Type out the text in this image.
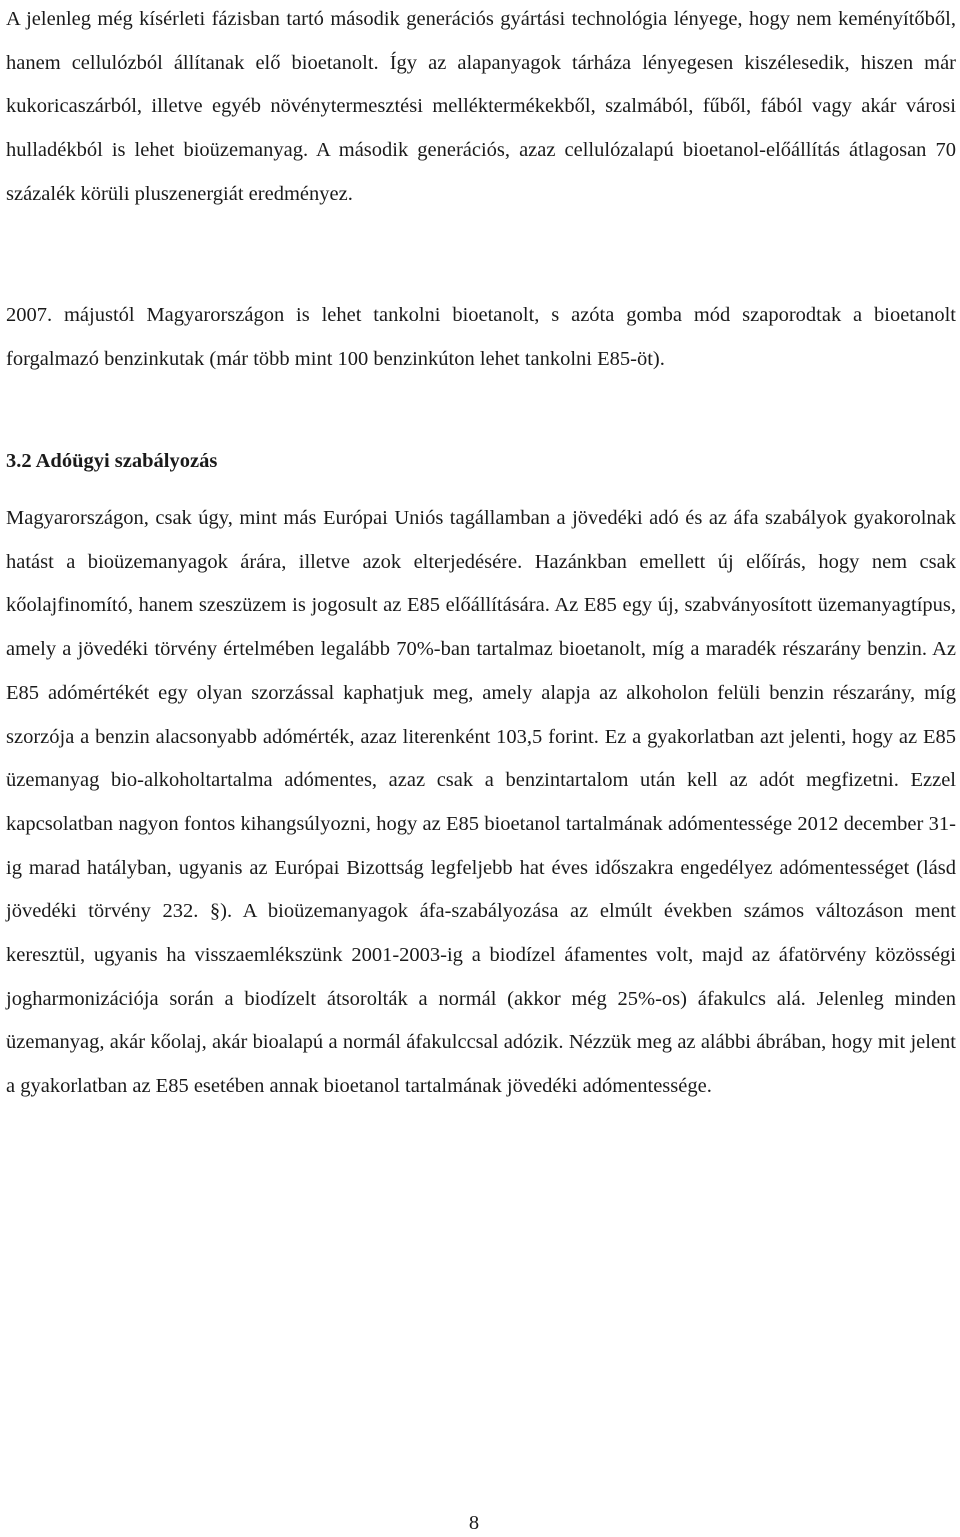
A jelenleg még kísérleti fázisban tartó második generációs gyártási technológia lényege, hogy nem keményítőből, hanem cellulózból állítanak elő bioetanolt. Így az alapanyagok tárháza lényegesen kiszélesedik, hiszen már kukoricaszárból, illetve egyéb növénytermesztési melléktermékekből, szalmából, fűből, fából vagy akár városi hulladékból is lehet bioüzemanyag. A második generációs, azaz cellulózalapú bioetanol-előállítás átlagosan 70 százalék körüli pluszenergiát eredményez.

2007. májustól Magyarországon is lehet tankolni bioetanolt, s azóta gomba mód szaporodtak a bioetanolt forgalmazó benzinkutak (már több mint 100 benzinkúton lehet tankolni E85-öt).

3.2 Adóügyi szabályozás

Magyarországon, csak úgy, mint más Európai Uniós tagállamban a jövedéki adó és az áfa szabályok gyakorolnak hatást a bioüzemanyagok árára, illetve azok elterjedésére. Hazánkban emellett új előírás, hogy nem csak kőolajfinomító, hanem szeszüzem is jogosult az E85 előállítására. Az E85 egy új, szabványosított üzemanyagtípus, amely a jövedéki törvény értelmében legalább 70%-ban tartalmaz bioetanolt, míg a maradék részarány benzin. Az E85 adómértékét egy olyan szorzással kaphatjuk meg, amely alapja az alkoholon felüli benzin részarány, míg szorzója a benzin alacsonyabb adómérték, azaz literenként 103,5 forint. Ez a gyakorlatban azt jelenti, hogy az E85 üzemanyag bio-alkoholtartalma adómentes, azaz csak a benzintartalom után kell az adót megfizetni. Ezzel kapcsolatban nagyon fontos kihangsúlyozni, hogy az E85 bioetanol tartalmának adómentessége 2012 december 31-ig marad hatályban, ugyanis az Európai Bizottság legfeljebb hat éves időszakra engedélyez adómentességet (lásd jövedéki törvény 232. §). A bioüzemanyagok áfa-szabályozása az elmúlt években számos változáson ment keresztül, ugyanis ha visszaemlékszünk 2001-2003-ig a biodízel áfamentes volt, majd az áfatörvény közösségi jogharmonizációja során a biodízelt átsorolták a normál (akkor még 25%-os) áfakulcs alá. Jelenleg minden üzemanyag, akár kőolaj, akár bioalapú a normál áfakulccsal adózik. Nézzük meg az alábbi ábrában, hogy mit jelent a gyakorlatban az E85 esetében annak bioetanol tartalmának jövedéki adómentessége.

8
